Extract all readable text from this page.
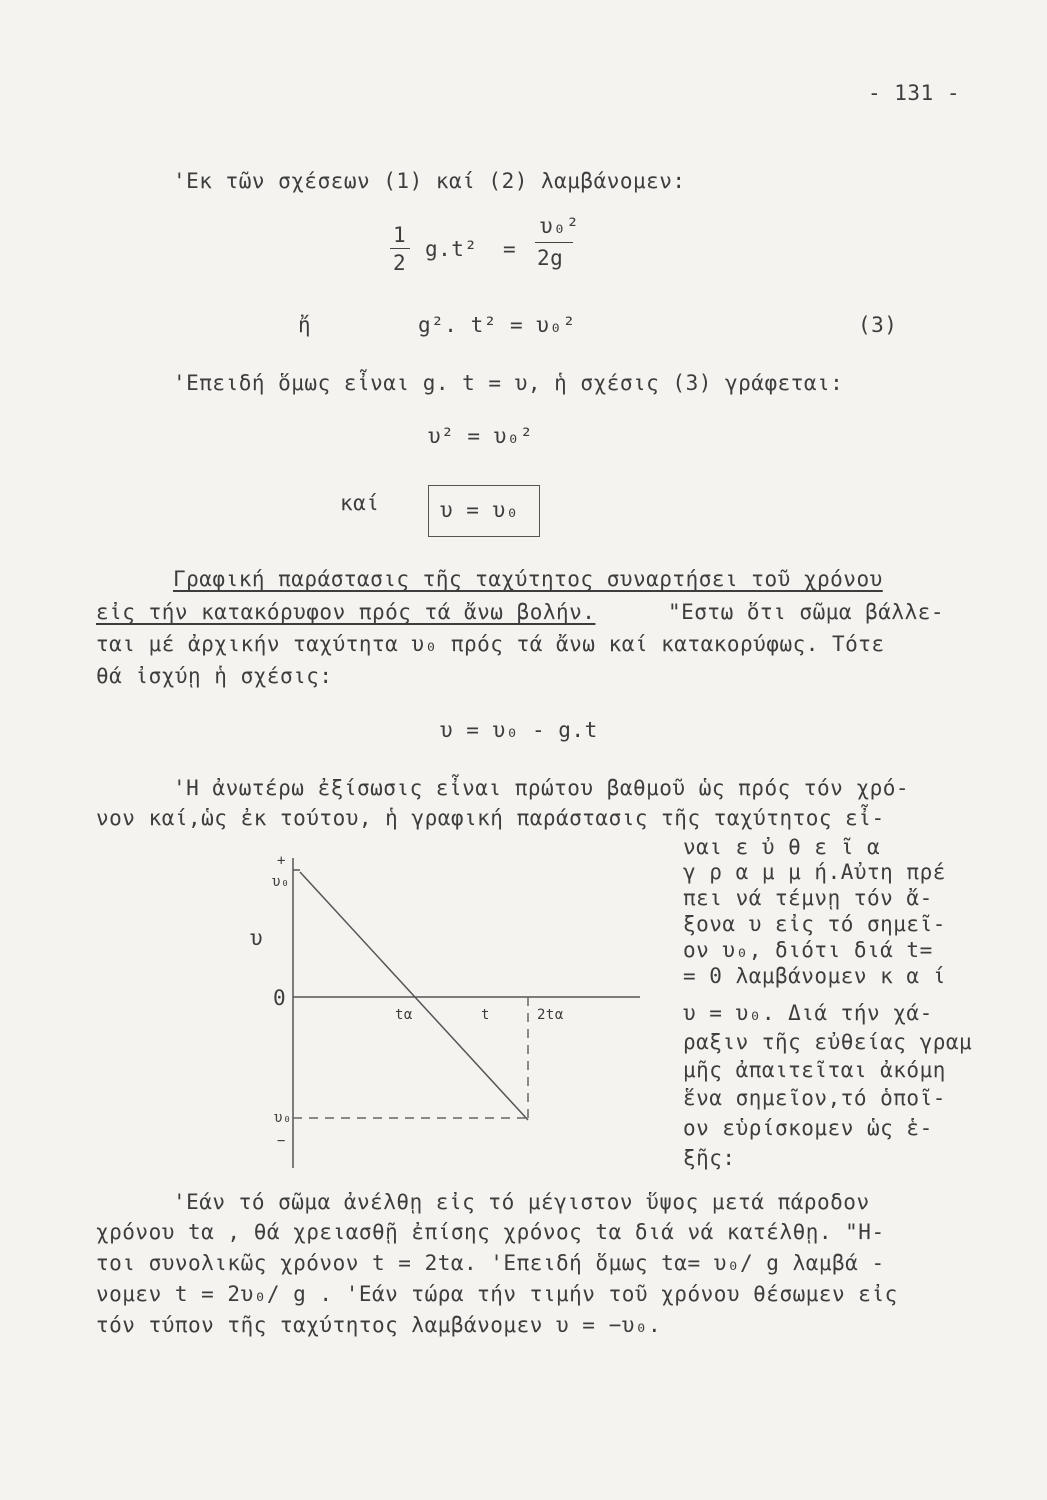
- 131 -
'Εκ τῶν σχέσεων (1) καί (2) λαμβάνομεν:
1
2
g.t² =
υ₀²
2g
ἤ	g². t² = υ₀²	(3)
'Επειδή ὅμως εἶναι g. t = υ, ἡ σχέσις (3) γράφεται:
υ² = υ₀²
καί	υ = υ₀
Γραφική παράστασις τῆς ταχύτητος συναρτήσει τοῦ χρόνου
εἰς τήν κατακόρυφον πρός τά ἄνω βολήν.	"Εστω ὅτι σῶμα βάλλε-
ται μέ ἀρχικήν ταχύτητα υ₀ πρός τά ἄνω καί κατακορύφως. Τότε
θά ἰσχύῃ ἡ σχέσις:
υ = υ₀ - g.t
'Η ἀνωτέρω ἐξίσωσις εἶναι πρώτου βαθμοῦ ὡς πρός τόν χρό-
νον καί,ὡς ἐκ τούτου, ἡ γραφική παράστασις τῆς ταχύτητος εἶ-
ναι ε ὐ θ ε ῖ α
γ ρ α μ μ ή.Αὐτη πρέ
πει νά τέμνῃ τόν ἄ-
ξονα υ εἰς τό σημεῖ-
ον υ₀, διότι διά t=
= 0 λαμβάνομεν κ α ί
υ = υ₀. Διά τήν χά-
ραξιν τῆς εὐθείας γραμ
μῆς ἀπαιτεῖται ἀκόμη
ἕνα σημεῖον,τό ὁποῖ-
ον εὑρίσκομεν ὡς ἑ-
ξῆς:
+
υ₀
υ
0
tα	t	2tα
υ₀
−
'Εάν τό σῶμα ἀνέλθῃ εἰς τό μέγιστον ὕψος μετά πάροδον
χρόνου tα , θά χρειασθῇ ἐπίσης χρόνος tα διά νά κατέλθῃ. "Η-
τοι συνολικῶς χρόνον t = 2tα. 'Επειδή ὅμως tα= υ₀/ g λαμβά -
νομεν t = 2υ₀/ g . 'Εάν τώρα τήν τιμήν τοῦ χρόνου θέσωμεν εἰς
τόν τύπον τῆς ταχύτητος λαμβάνομεν υ = −υ₀.
